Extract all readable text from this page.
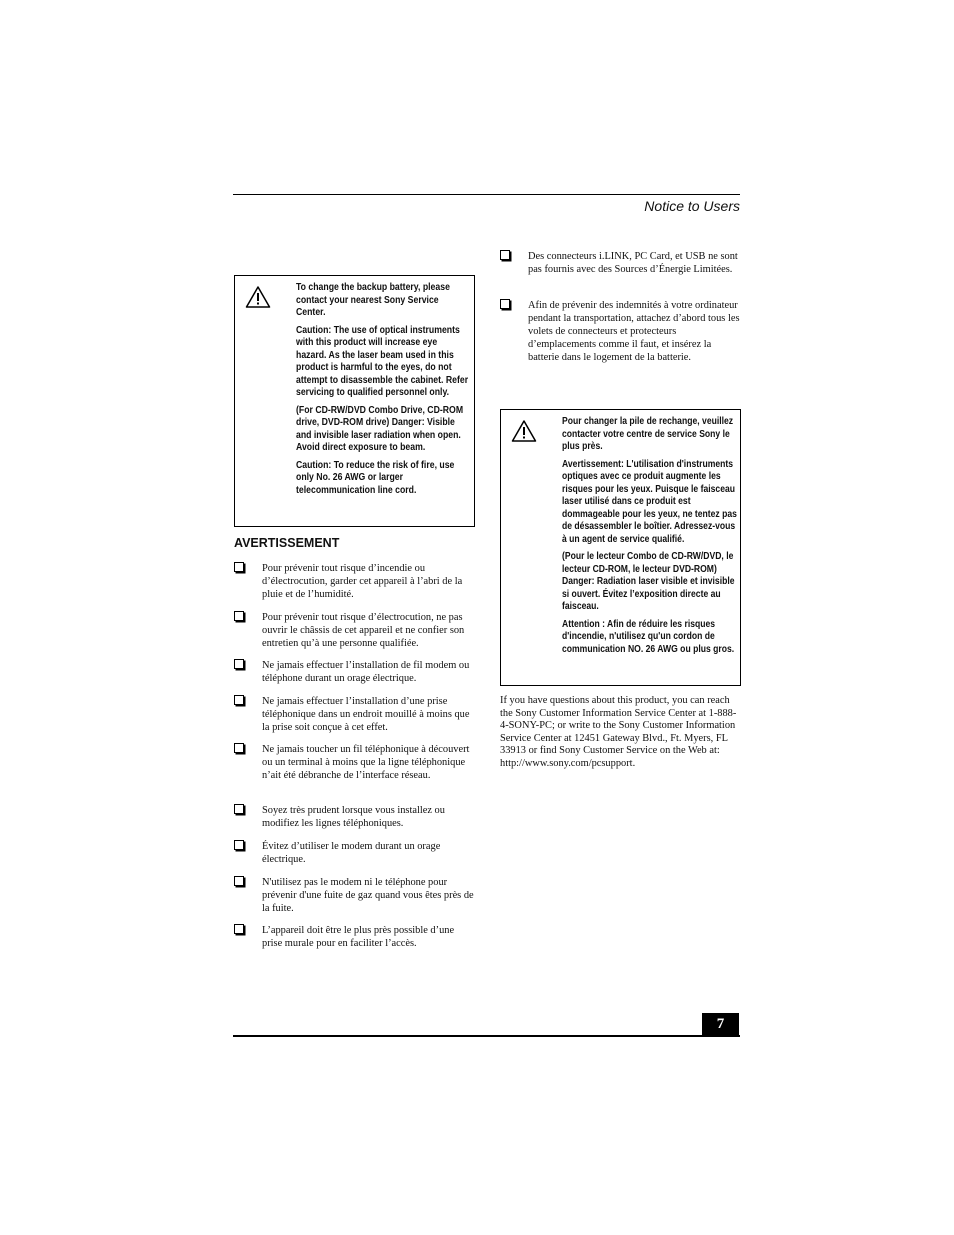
Notice to Users

To change the backup battery, please contact your nearest Sony Service Center.

Caution: The use of optical instruments with this product will increase eye hazard. As the laser beam used in this product is harmful to the eyes, do not attempt to disassemble the cabinet. Refer servicing to qualified personnel only.

(For CD-RW/DVD Combo Drive, CD-ROM drive, DVD-ROM drive) Danger: Visible and invisible laser radiation when open. Avoid direct exposure to beam.

Caution: To reduce the risk of fire, use only No. 26 AWG or larger telecommunication line cord.

AVERTISSEMENT
Pour prévenir tout risque d’incendie ou d’électrocution, garder cet appareil à l’abri de la pluie et de l’humidité.
Pour prévenir tout risque d’électrocution, ne pas ouvrir le châssis de cet appareil et ne confier son entretien qu’à une personne qualifiée.
Ne jamais effectuer l’installation de fil modem ou téléphone durant un orage électrique.
Ne jamais effectuer l’installation d’une prise téléphonique dans un endroit mouillé à moins que la prise soit conçue à cet effet.
Ne jamais toucher un fil téléphonique à découvert ou un terminal à moins que la ligne téléphonique n’ait été débranche de l’interface réseau.
Soyez très prudent lorsque vous installez ou modifiez les lignes téléphoniques.
Évitez d’utiliser le modem durant un orage électrique.
N'utilisez pas le modem ni le téléphone pour prévenir d'une fuite de gaz quand vous êtes près de la fuite.
L’appareil doit être le plus près possible d’une prise murale pour en faciliter l’accès.
Des connecteurs i.LINK, PC Card, et USB ne sont pas fournis avec des Sources d’Énergie Limitées.
Afin de prévenir des indemnités à votre ordinateur pendant la transportation, attachez d’abord tous les volets de connecteurs et protecteurs d’emplacements comme il faut, et insérez la batterie dans le logement de la batterie.

Pour changer la pile de rechange, veuillez contacter votre centre de service Sony le plus près.

Avertissement: L'utilisation d'instruments optiques avec ce produit augmente les risques pour les yeux. Puisque le faisceau laser utilisé dans ce produit est dommageable pour les yeux, ne tentez pas de désassembler le boîtier. Adressez-vous à un agent de service qualifié.

(Pour le lecteur Combo de CD-RW/DVD, le lecteur CD-ROM, le lecteur DVD-ROM) Danger: Radiation laser visible et invisible si ouvert. Évitez l’exposition directe au faisceau.

Attention : Afin de réduire les risques d'incendie, n'utilisez qu'un cordon de communication NO. 26 AWG ou plus gros.

If you have questions about this product, you can reach the Sony Customer Information Service Center at 1-888-4-SONY-PC; or write to the Sony Customer Information Service Center at 12451 Gateway Blvd., Ft. Myers, FL 33913 or find Sony Customer Service on the Web at: http://www.sony.com/pcsupport.

7
